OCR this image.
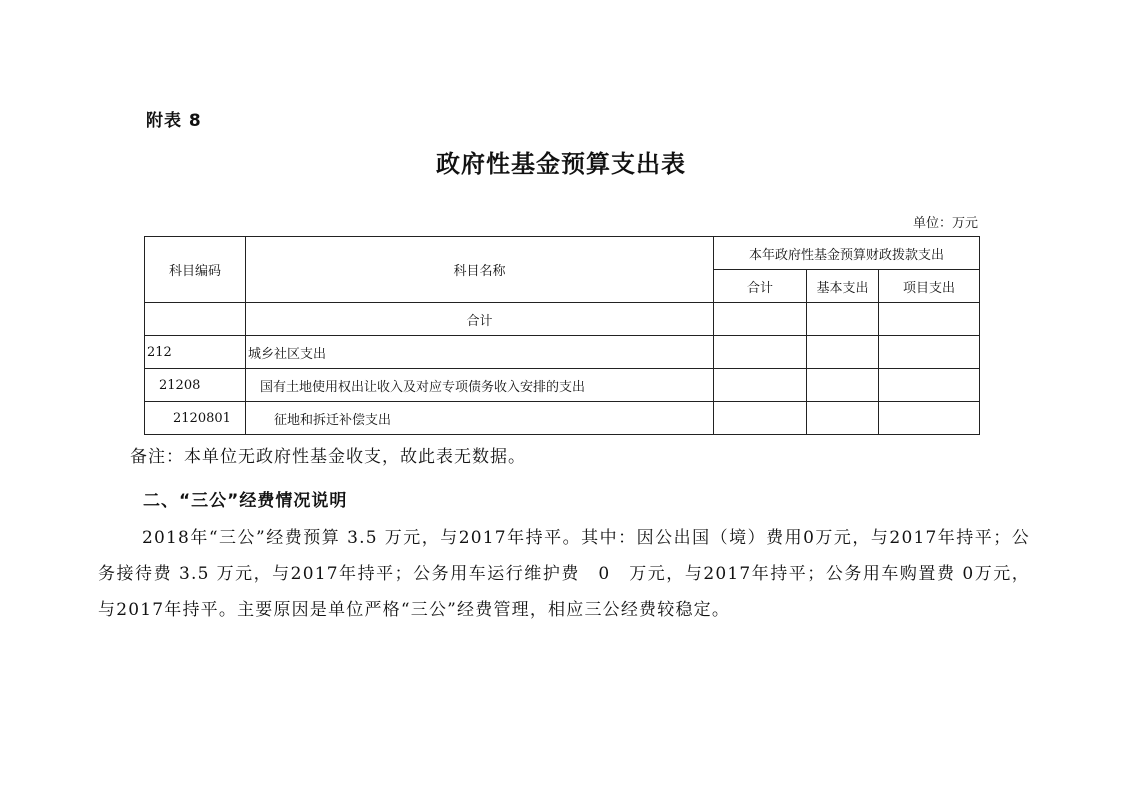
附表 8
政府性基金预算支出表
单位：万元
科目编码	科目名称	本年政府性基金预算财政拨款支出		
		合计	基本支出	项目支出
	合计			
212	城乡社区支出			
21208	国有土地使用权出让收入及对应专项债务收入安排的支出			
2120801	征地和拆迁补偿支出			
备注：本单位无政府性基金收支，故此表无数据。
二、“三公”经费情况说明
2018年“三公”经费预算 3.5 万元，与2017年持平。其中：因公出国（境）费用0万元，与2017年持平；公务接待费 3.5 万元，与2017年持平；公务用车运行维护费　0　万元，与2017年持平；公务用车购置费 0万元，与2017年持平。主要原因是单位严格“三公”经费管理，相应三公经费较稳定。
